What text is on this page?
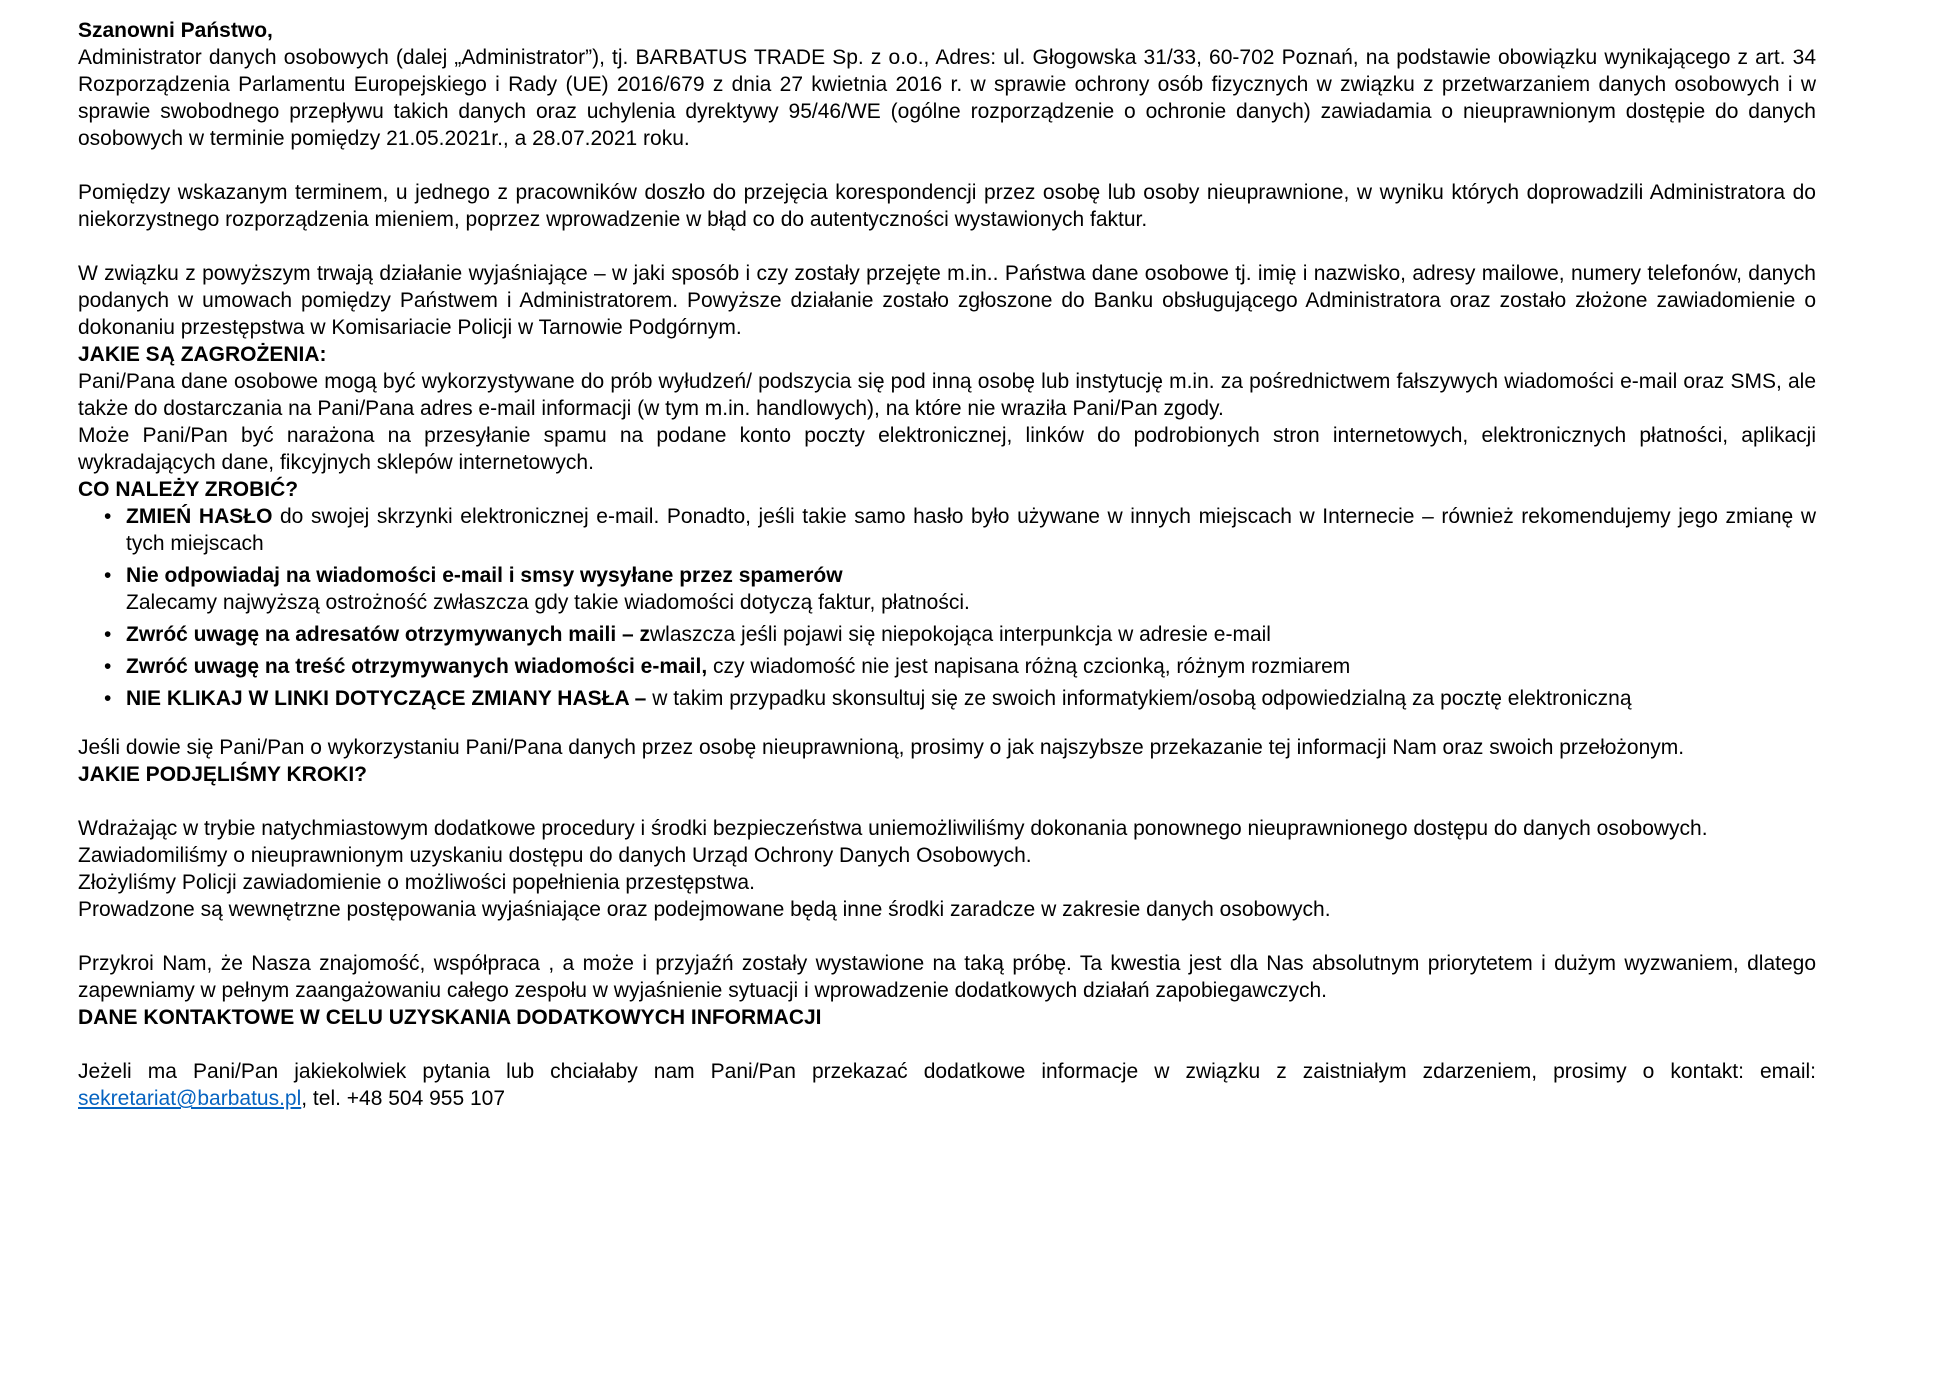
Szanowni Państwo,

Administrator danych osobowych (dalej „Administrator”), tj. BARBATUS TRADE Sp. z o.o., Adres: ul. Głogowska 31/33, 60-702 Poznań, na podstawie obowiązku wynikającego z art. 34 Rozporządzenia Parlamentu Europejskiego i Rady (UE) 2016/679 z dnia 27 kwietnia 2016 r. w sprawie ochrony osób fizycznych w związku z przetwarzaniem danych osobowych i w sprawie swobodnego przepływu takich danych oraz uchylenia dyrektywy 95/46/WE (ogólne rozporządzenie o ochronie danych) zawiadamia o nieuprawnionym dostępie do danych osobowych w terminie pomiędzy 21.05.2021r., a 28.07.2021 roku.

Pomiędzy wskazanym terminem, u jednego z pracowników doszło do przejęcia korespondencji przez osobę lub osoby nieuprawnione, w wyniku których doprowadzili Administratora do niekorzystnego rozporządzenia mieniem, poprzez wprowadzenie w błąd co do autentyczności wystawionych faktur.

W związku z powyższym trwają działanie wyjaśniające – w jaki sposób i czy zostały przejęte m.in.. Państwa dane osobowe tj. imię i nazwisko, adresy mailowe, numery telefonów, danych podanych w umowach pomiędzy Państwem i Administratorem. Powyższe działanie zostało zgłoszone do Banku obsługującego Administratora oraz zostało złożone zawiadomienie o dokonaniu przestępstwa w Komisariacie Policji w Tarnowie Podgórnym.

JAKIE SĄ ZAGROŻENIA:

Pani/Pana dane osobowe mogą być wykorzystywane do prób wyłudzeń/ podszycia się pod inną osobę lub instytucję m.in. za pośrednictwem fałszywych wiadomości e-mail oraz SMS, ale także do dostarczania na Pani/Pana adres e-mail informacji (w tym m.in. handlowych), na które nie wraziła Pani/Pan zgody.

Może Pani/Pan być narażona na przesyłanie spamu na podane konto poczty elektronicznej, linków do podrobionych stron internetowych, elektronicznych płatności, aplikacji wykradających dane, fikcyjnych sklepów internetowych.

CO NALEŻY ZROBIĆ?

• ZMIEŃ HASŁO do swojej skrzynki elektronicznej e-mail. Ponadto, jeśli takie samo hasło było używane w innych miejscach w Internecie – również rekomendujemy jego zmianę w tych miejscach
• Nie odpowiadaj na wiadomości e-mail i smsy wysyłane przez spamerów
Zalecamy najwyższą ostrożność zwłaszcza gdy takie wiadomości dotyczą faktur, płatności.
• Zwróć uwagę na adresatów otrzymywanych maili – zwlaszcza jeśli pojawi się niepokojąca interpunkcja w adresie e-mail
• Zwróć uwagę na treść otrzymywanych wiadomości e-mail, czy wiadomość nie jest napisana różną czcionką, różnym rozmiarem
• NIE KLIKAJ W LINKI DOTYCZĄCE ZMIANY HASŁA – w takim przypadku skonsultuj się ze swoich informatykiem/osobą odpowiedzialną za pocztę elektroniczną

Jeśli dowie się Pani/Pan o wykorzystaniu Pani/Pana danych przez osobę nieuprawnioną, prosimy o jak najszybsze przekazanie tej informacji Nam oraz swoich przełożonym.

JAKIE PODJĘLIŚMY KROKI?

Wdrażając w trybie natychmiastowym dodatkowe procedury i środki bezpieczeństwa uniemożliwiliśmy dokonania ponownego nieuprawnionego dostępu do danych osobowych.

Zawiadomiliśmy o nieuprawnionym uzyskaniu dostępu do danych Urząd Ochrony Danych Osobowych.

Złożyliśmy Policji zawiadomienie o możliwości popełnienia przestępstwa.

Prowadzone są wewnętrzne postępowania wyjaśniające oraz podejmowane będą inne środki zaradcze w zakresie danych osobowych.

Przykroi Nam, że Nasza znajomość, współpraca , a może i przyjaźń zostały wystawione na taką próbę. Ta kwestia jest dla Nas absolutnym priorytetem i dużym wyzwaniem, dlatego zapewniamy w pełnym zaangażowaniu całego zespołu w wyjaśnienie sytuacji i wprowadzenie dodatkowych działań zapobiegawczych.

DANE KONTAKTOWE W CELU UZYSKANIA DODATKOWYCH INFORMACJI

Jeżeli ma Pani/Pan jakiekolwiek pytania lub chciałaby nam Pani/Pan przekazać dodatkowe informacje w związku z zaistniałym zdarzeniem, prosimy o kontakt: email: sekretariat@barbatus.pl, tel. +48 504 955 107
